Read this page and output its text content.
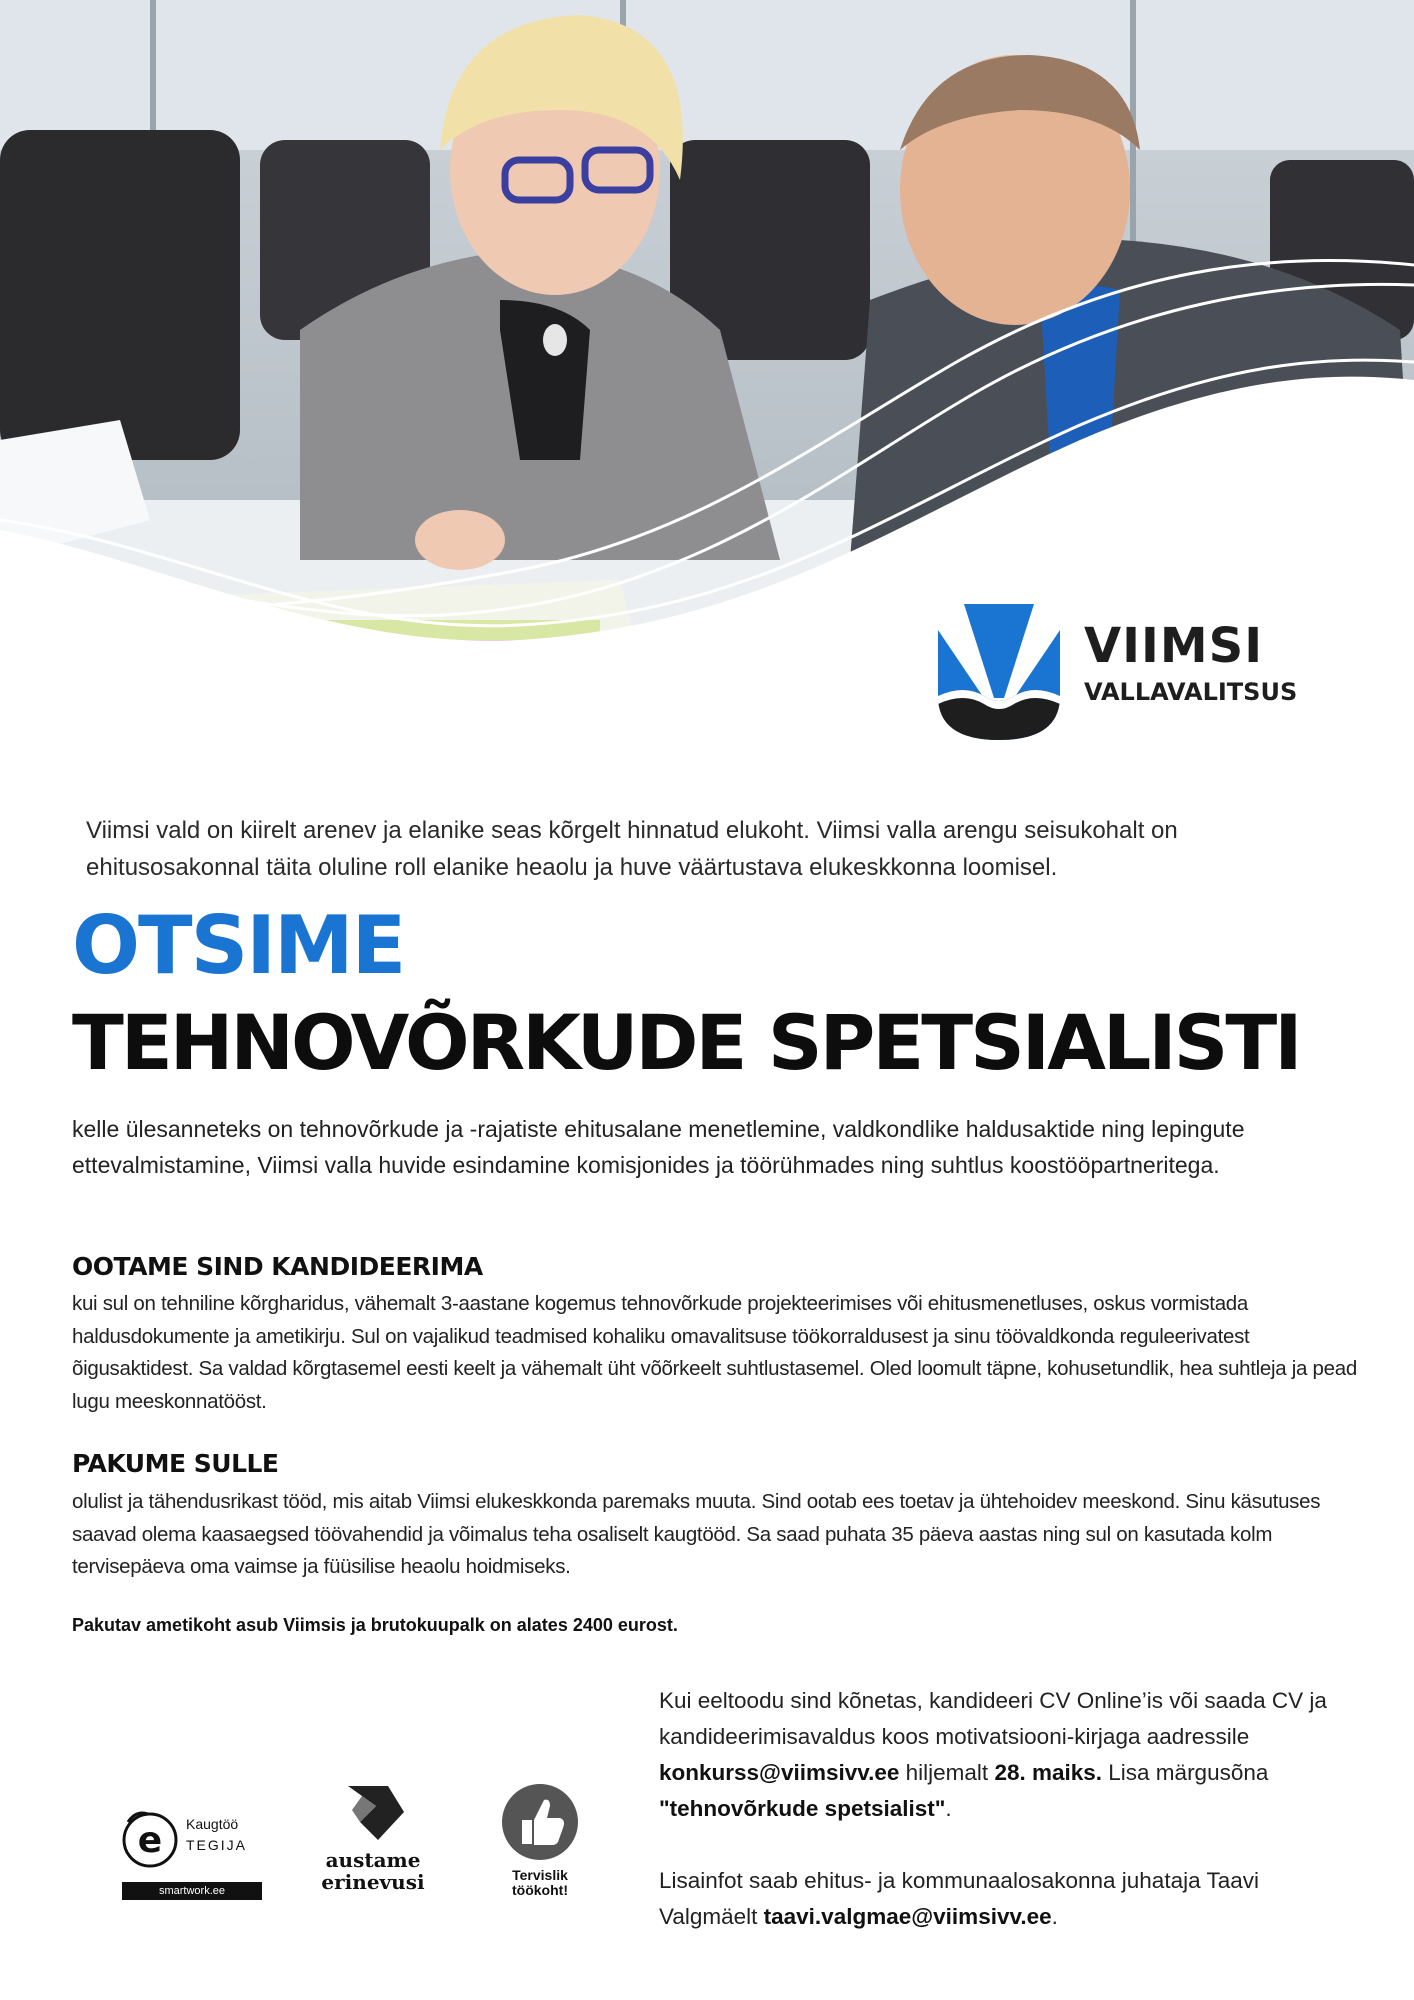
VIIMSI
VALLAVALITSUS
Viimsi vald on kiirelt arenev ja elanike seas kõrgelt hinnatud elukoht. Viimsi valla arengu seisukohalt on ehitusosakonnal täita oluline roll elanike heaolu ja huve väärtustava elukeskkonna loomisel.
OTSIME
TEHNOVÕRKUDE SPETSIALISTI
kelle ülesanneteks on tehnovõrkude ja -rajatiste ehitusalane menetlemine, valdkondlike haldusaktide ning lepingute ettevalmistamine, Viimsi valla huvide esindamine komisjonides ja töörühmades ning suhtlus koostööpartneritega.
OOTAME SIND KANDIDEERIMA
kui sul on tehniline kõrgharidus, vähemalt 3-aastane kogemus tehnovõrkude projekteerimises või ehitusmenetluses, oskus vormistada haldusdokumente ja ametikirju. Sul on vajalikud teadmised kohaliku omavalitsuse töökorraldusest ja sinu töövaldkonda reguleerivatest õigusaktidest. Sa valdad kõrgtasemel eesti keelt ja vähemalt üht võõrkeelt suhtlustasemel. Oled loomult täpne, kohusetundlik, hea suhtleja ja pead lugu meeskonnatööst.
PAKUME SULLE
olulist ja tähendusrikast tööd, mis aitab Viimsi elukeskkonda paremaks muuta. Sind ootab ees toetav ja ühtehoidev meeskond. Sinu käsutuses saavad olema kaasaegsed töövahendid ja võimalus teha osaliselt kaugtööd. Sa saad puhata 35 päeva aastas ning sul on kasutada kolm tervisepäeva oma vaimse ja füüsilise heaolu hoidmiseks.
Pakutav ametikoht asub Viimsis ja brutokuupalk on alates 2400 eurost.

Kui eeltoodu sind kõnetas, kandideeri CV Online’is või saada CV ja kandideerimisavaldus koos motivatsiooni-kirjaga aadressile konkurss@viimsivv.ee hiljemalt 28. maiks. Lisa märgusõna "tehnovõrkude spetsialist".

Lisainfot saab ehitus- ja kommunaalosakonna juhataja Taavi Valgmäelt taavi.valgmae@viimsivv.ee.

e Kaugtöö
TEGIJA
smartwork.ee
austame
erinevusi	Tervislik
töökoht!
